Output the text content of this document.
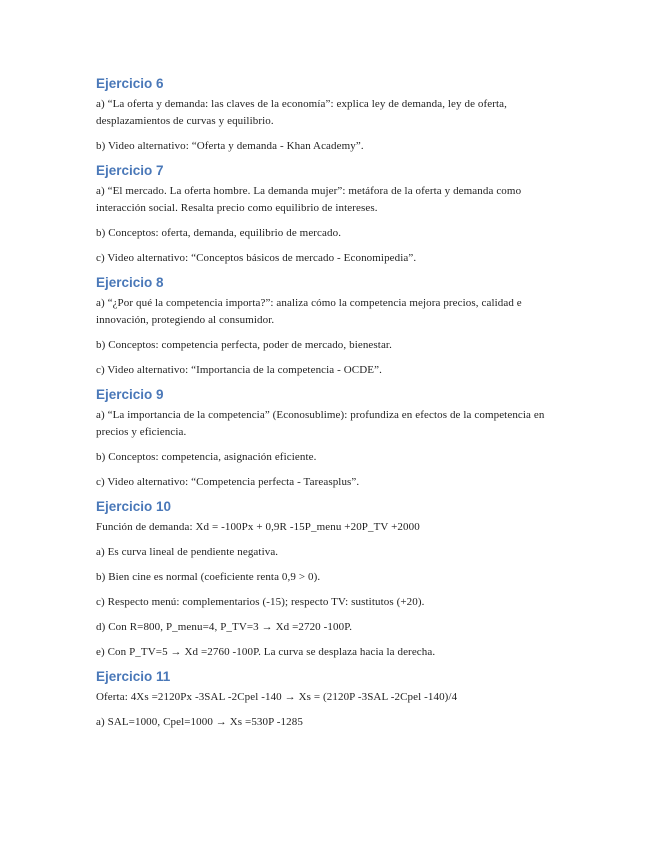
Ejercicio 6

a) “La oferta y demanda: las claves de la economía”: explica ley de demanda, ley de oferta, desplazamientos de curvas y equilibrio.

b) Video alternativo: “Oferta y demanda - Khan Academy”.

Ejercicio 7

a) “El mercado. La oferta hombre. La demanda mujer”: metáfora de la oferta y demanda como interacción social. Resalta precio como equilibrio de intereses.

b) Conceptos: oferta, demanda, equilibrio de mercado.

c) Video alternativo: “Conceptos básicos de mercado - Economipedia”.

Ejercicio 8

a) “¿Por qué la competencia importa?”: analiza cómo la competencia mejora precios, calidad e innovación, protegiendo al consumidor.

b) Conceptos: competencia perfecta, poder de mercado, bienestar.

c) Video alternativo: “Importancia de la competencia - OCDE”.

Ejercicio 9

a) “La importancia de la competencia” (Econosublime): profundiza en efectos de la competencia en precios y eficiencia.

b) Conceptos: competencia, asignación eficiente.

c) Video alternativo: “Competencia perfecta - Tareasplus”.

Ejercicio 10

Función de demanda: Xd = -100Px + 0,9R -15P_menu +20P_TV +2000

a) Es curva lineal de pendiente negativa.

b) Bien cine es normal (coeficiente renta 0,9 > 0).

c) Respecto menú: complementarios (-15); respecto TV: sustitutos (+20).

d) Con R=800, P_menu=4, P_TV=3 → Xd =2720 -100P.

e) Con P_TV=5 → Xd =2760 -100P. La curva se desplaza hacia la derecha.

Ejercicio 11

Oferta: 4Xs =2120Px -3SAL -2Cpel -140 → Xs = (2120P -3SAL -2Cpel -140)/4

a) SAL=1000, Cpel=1000 → Xs =530P -1285
